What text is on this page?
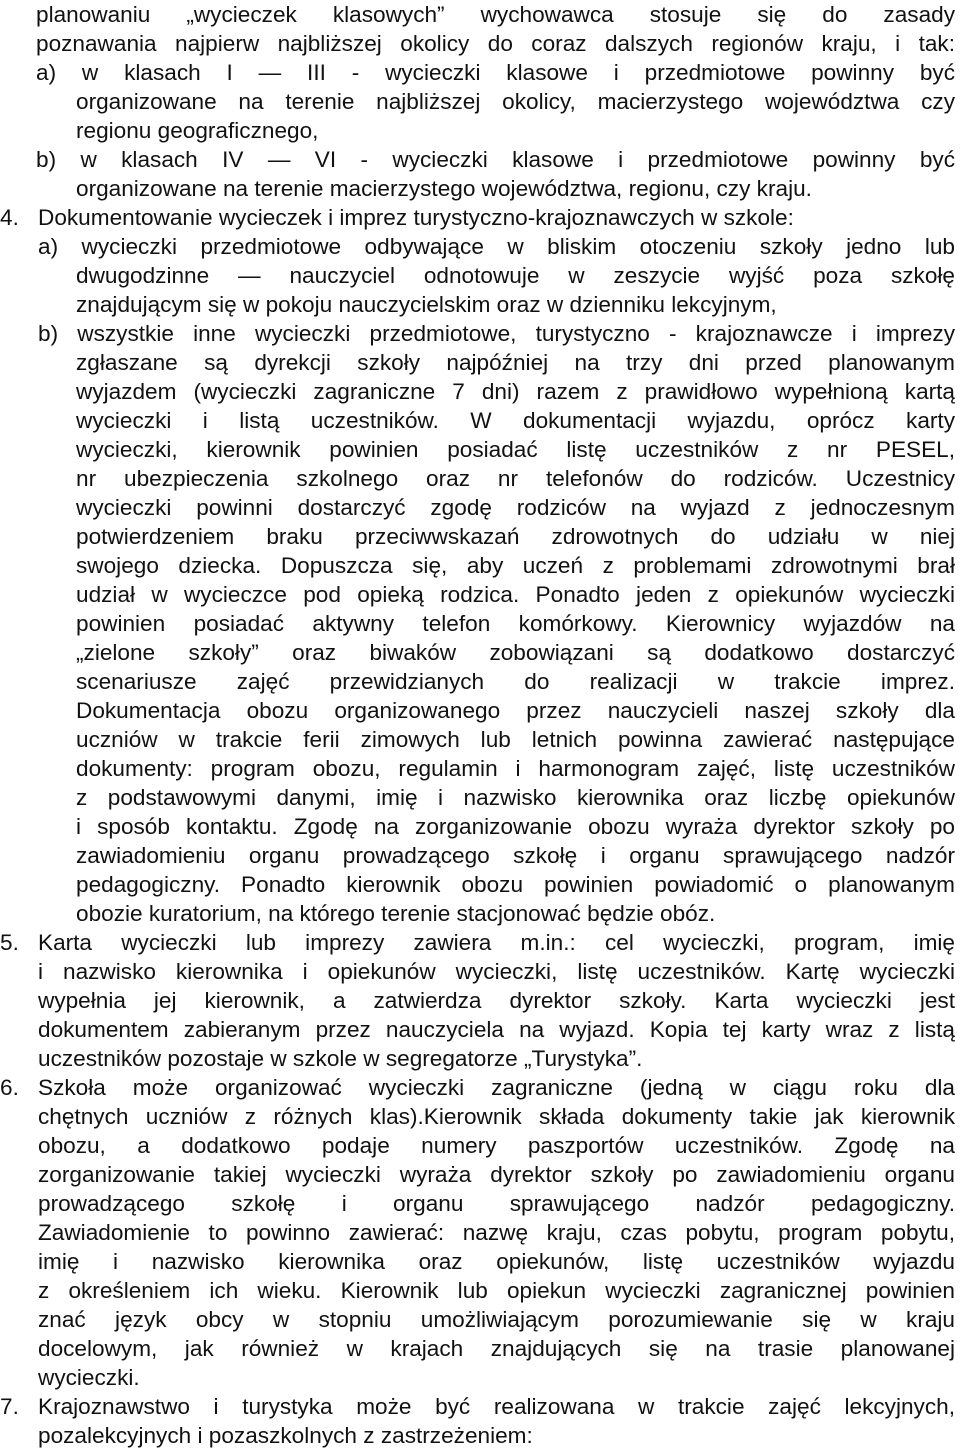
planowaniu „wycieczek klasowych” wychowawca stosuje się do zasady
poznawania najpierw najbliższej okolicy do coraz dalszych regionów kraju, i tak:
a) w klasach I — III - wycieczki klasowe i przedmiotowe powinny być
organizowane na terenie najbliższej okolicy, macierzystego województwa czy
regionu geograficznego,
b) w klasach IV — VI - wycieczki klasowe i przedmiotowe powinny być
organizowane na terenie macierzystego województwa, regionu, czy kraju.
4. Dokumentowanie wycieczek i imprez turystyczno-krajoznawczych w szkole:
a) wycieczki przedmiotowe odbywające w bliskim otoczeniu szkoły jedno lub
dwugodzinne — nauczyciel odnotowuje w zeszycie wyjść poza szkołę
znajdującym się w pokoju nauczycielskim oraz w dzienniku lekcyjnym,
b) wszystkie inne wycieczki przedmiotowe, turystyczno - krajoznawcze i imprezy
zgłaszane są dyrekcji szkoły najpóźniej na trzy dni przed planowanym
wyjazdem (wycieczki zagraniczne 7 dni) razem z prawidłowo wypełnioną kartą
wycieczki i listą uczestników. W dokumentacji wyjazdu, oprócz karty
wycieczki, kierownik powinien posiadać listę uczestników z nr PESEL,
nr ubezpieczenia szkolnego oraz nr telefonów do rodziców. Uczestnicy
wycieczki powinni dostarczyć zgodę rodziców na wyjazd z jednoczesnym
potwierdzeniem braku przeciwwskazań zdrowotnych do udziału w niej
swojego dziecka. Dopuszcza się, aby uczeń z problemami zdrowotnymi brał
udział w wycieczce pod opieką rodzica. Ponadto jeden z opiekunów wycieczki
powinien posiadać aktywny telefon komórkowy. Kierownicy wyjazdów na
„zielone szkoły” oraz biwaków zobowiązani są dodatkowo dostarczyć
scenariusze zajęć przewidzianych do realizacji w trakcie imprez.
Dokumentacja obozu organizowanego przez nauczycieli naszej szkoły dla
uczniów w trakcie ferii zimowych lub letnich powinna zawierać następujące
dokumenty: program obozu, regulamin i harmonogram zajęć, listę uczestników
z podstawowymi danymi, imię i nazwisko kierownika oraz liczbę opiekunów
i sposób kontaktu. Zgodę na zorganizowanie obozu wyraża dyrektor szkoły po
zawiadomieniu organu prowadzącego szkołę i organu sprawującego nadzór
pedagogiczny. Ponadto kierownik obozu powinien powiadomić o planowanym
obozie kuratorium, na którego terenie stacjonować będzie obóz.
5. Karta wycieczki lub imprezy zawiera m.in.: cel wycieczki, program, imię
i nazwisko kierownika i opiekunów wycieczki, listę uczestników. Kartę wycieczki
wypełnia jej kierownik, a zatwierdza dyrektor szkoły. Karta wycieczki jest
dokumentem zabieranym przez nauczyciela na wyjazd. Kopia tej karty wraz z listą
uczestników pozostaje w szkole w segregatorze „Turystyka”.
6. Szkoła może organizować wycieczki zagraniczne (jedną w ciągu roku dla
chętnych uczniów z różnych klas).Kierownik składa dokumenty takie jak kierownik
obozu, a dodatkowo podaje numery paszportów uczestników. Zgodę na
zorganizowanie takiej wycieczki wyraża dyrektor szkoły po zawiadomieniu organu
prowadzącego szkołę i organu sprawującego nadzór pedagogiczny.
Zawiadomienie to powinno zawierać: nazwę kraju, czas pobytu, program pobytu,
imię i nazwisko kierownika oraz opiekunów, listę uczestników wyjazdu
z określeniem ich wieku. Kierownik lub opiekun wycieczki zagranicznej powinien
znać język obcy w stopniu umożliwiającym porozumiewanie się w kraju
docelowym, jak również w krajach znajdujących się na trasie planowanej
wycieczki.
7. Krajoznawstwo i turystyka może być realizowana w trakcie zajęć lekcyjnych,
pozalekcyjnych i pozaszkolnych z zastrzeżeniem:
